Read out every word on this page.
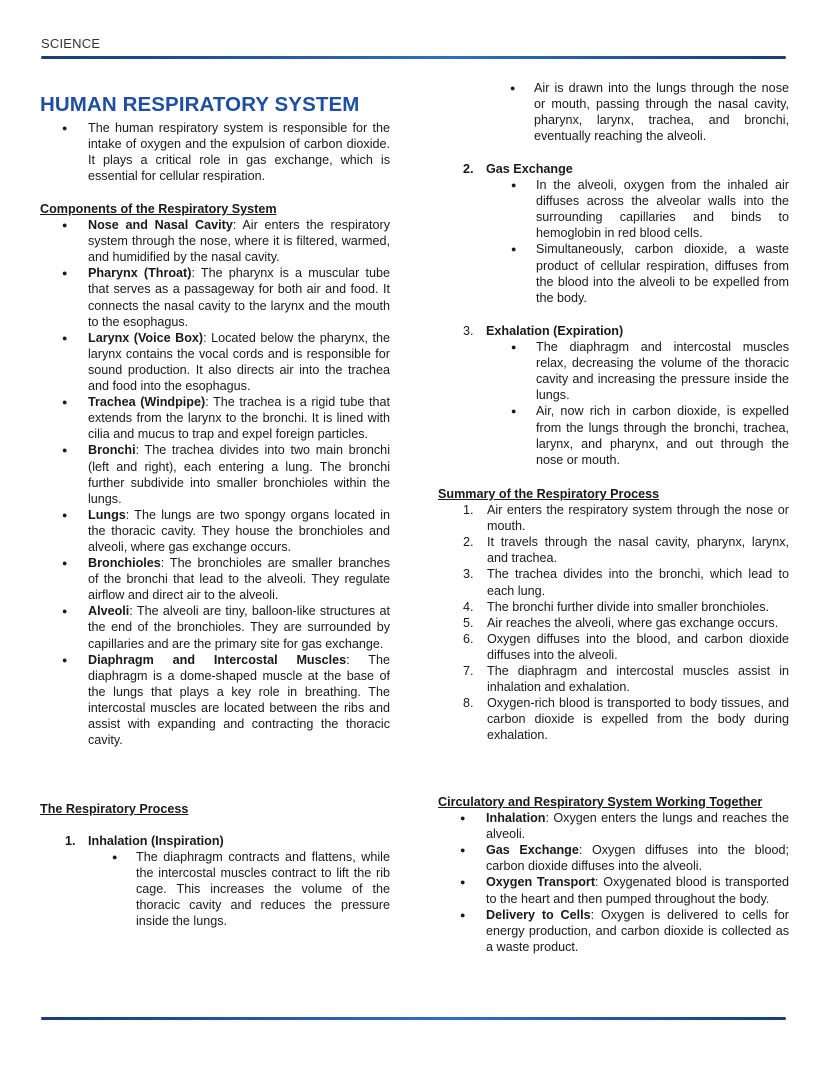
SCIENCE
HUMAN RESPIRATORY SYSTEM
● The human respiratory system is responsible for the intake of oxygen and the expulsion of carbon dioxide. It plays a critical role in gas exchange, which is essential for cellular respiration.

Components of the Respiratory System

● Nose and Nasal Cavity: Air enters the respiratory system through the nose, where it is filtered, warmed, and humidified by the nasal cavity.
● Pharynx (Throat): The pharynx is a muscular tube that serves as a passageway for both air and food. It connects the nasal cavity to the larynx and the mouth to the esophagus.
● Larynx (Voice Box): Located below the pharynx, the larynx contains the vocal cords and is responsible for sound production. It also directs air into the trachea and food into the esophagus.
● Trachea (Windpipe): The trachea is a rigid tube that extends from the larynx to the bronchi. It is lined with cilia and mucus to trap and expel foreign particles.
● Bronchi: The trachea divides into two main bronchi (left and right), each entering a lung. The bronchi further subdivide into smaller bronchioles within the lungs.
● Lungs: The lungs are two spongy organs located in the thoracic cavity. They house the bronchioles and alveoli, where gas exchange occurs.
● Bronchioles: The bronchioles are smaller branches of the bronchi that lead to the alveoli. They regulate airflow and direct air to the alveoli.
● Alveoli: The alveoli are tiny, balloon-like structures at the end of the bronchioles. They are surrounded by capillaries and are the primary site for gas exchange.
● Diaphragm and Intercostal Muscles: The diaphragm is a dome-shaped muscle at the base of the lungs that plays a key role in breathing. The intercostal muscles are located between the ribs and assist with expanding and contracting the thoracic cavity.

The Respiratory Process

1. Inhalation (Inspiration)

● The diaphragm contracts and flattens, while the intercostal muscles contract to lift the rib cage. This increases the volume of the thoracic cavity and reduces the pressure inside the lungs.
● Air is drawn into the lungs through the nose or mouth, passing through the nasal cavity, pharynx, larynx, trachea, and bronchi, eventually reaching the alveoli.

2. Gas Exchange

● In the alveoli, oxygen from the inhaled air diffuses across the alveolar walls into the surrounding capillaries and binds to hemoglobin in red blood cells.
● Simultaneously, carbon dioxide, a waste product of cellular respiration, diffuses from the blood into the alveoli to be expelled from the body.

3. Exhalation (Expiration)

● The diaphragm and intercostal muscles relax, decreasing the volume of the thoracic cavity and increasing the pressure inside the lungs.
● Air, now rich in carbon dioxide, is expelled from the lungs through the bronchi, trachea, larynx, and pharynx, and out through the nose or mouth.

Summary of the Respiratory Process

1. Air enters the respiratory system through the nose or mouth.
2. It travels through the nasal cavity, pharynx, larynx, and trachea.
3. The trachea divides into the bronchi, which lead to each lung.
4. The bronchi further divide into smaller bronchioles.
5. Air reaches the alveoli, where gas exchange occurs.
6. Oxygen diffuses into the blood, and carbon dioxide diffuses into the alveoli.
7. The diaphragm and intercostal muscles assist in inhalation and exhalation.
8. Oxygen-rich blood is transported to body tissues, and carbon dioxide is expelled from the body during exhalation.

Circulatory and Respiratory System Working Together

● Inhalation: Oxygen enters the lungs and reaches the alveoli.
● Gas Exchange: Oxygen diffuses into the blood; carbon dioxide diffuses into the alveoli.
● Oxygen Transport: Oxygenated blood is transported to the heart and then pumped throughout the body.
● Delivery to Cells: Oxygen is delivered to cells for energy production, and carbon dioxide is collected as a waste product.
